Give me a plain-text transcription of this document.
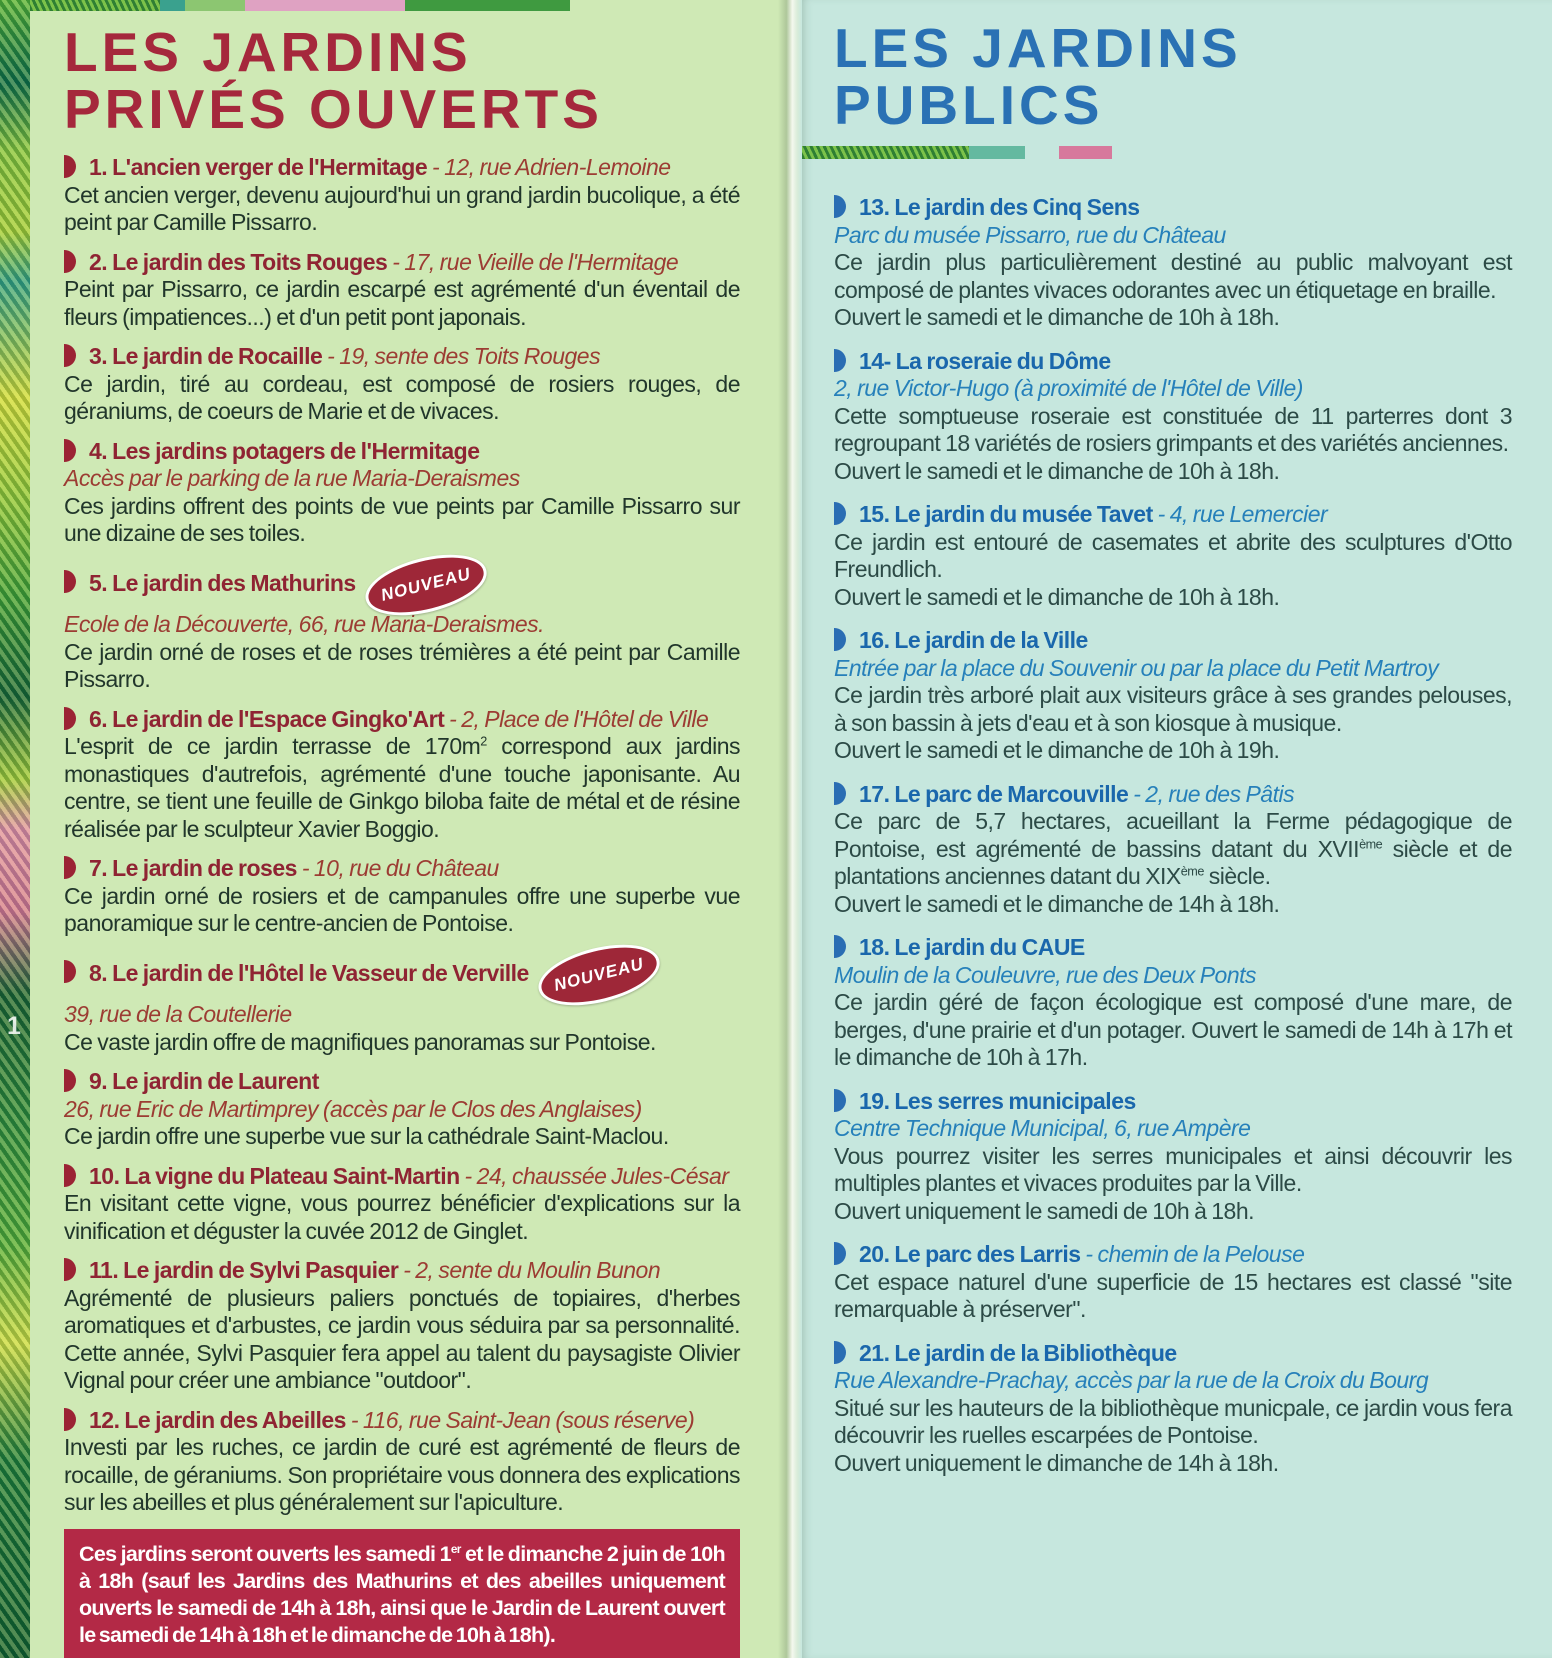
1
LES JARDINS
PRIVÉS OUVERTS
1. L'ancien verger de l'Hermitage - 12, rue Adrien-Lemoine
Cet ancien verger, devenu aujourd'hui un grand jardin bucolique, a été peint par Camille Pissarro.
2. Le jardin des Toits Rouges - 17, rue Vieille de l'Hermitage
Peint par Pissarro, ce jardin escarpé est agrémenté d'un éventail de fleurs (impatiences...) et d'un petit pont japonais.
3. Le jardin de Rocaille - 19, sente des Toits Rouges
Ce jardin, tiré au cordeau, est composé de rosiers rouges, de géraniums, de coeurs de Marie et de vivaces.
4. Les jardins potagers de l'Hermitage
Accès par le parking de la rue Maria-Deraismes
Ces jardins offrent des points de vue peints par Camille Pissarro sur une dizaine de ses toiles.
5. Le jardin des Mathurins NOUVEAU
Ecole de la Découverte, 66, rue Maria-Deraismes.
Ce jardin orné de roses et de roses trémières a été peint par Camille Pissarro.
6. Le jardin de l'Espace Gingko'Art - 2, Place de l'Hôtel de Ville
L'esprit de ce jardin terrasse de $170m^2$ correspond aux jardins monastiques d'autrefois, agrémenté d'une touche japonisante. Au centre, se tient une feuille de Ginkgo biloba faite de métal et de résine réalisée par le sculpteur Xavier Boggio.
7. Le jardin de roses - 10, rue du Château
Ce jardin orné de rosiers et de campanules offre une superbe vue panoramique sur le centre-ancien de Pontoise.
8. Le jardin de l'Hôtel le Vasseur de Verville NOUVEAU
39, rue de la Coutellerie
Ce vaste jardin offre de magnifiques panoramas sur Pontoise.
9. Le jardin de Laurent
26, rue Eric de Martimprey (accès par le Clos des Anglaises)
Ce jardin offre une superbe vue sur la cathédrale Saint-Maclou.
10. La vigne du Plateau Saint-Martin - 24, chaussée Jules-César
En visitant cette vigne, vous pourrez bénéficier d'explications sur la vinification et déguster la cuvée 2012 de Ginglet.
11. Le jardin de Sylvi Pasquier - 2, sente du Moulin Bunon
Agrémenté de plusieurs paliers ponctués de topiaires, d'herbes aromatiques et d'arbustes, ce jardin vous séduira par sa personnalité. Cette année, Sylvi Pasquier fera appel au talent du paysagiste Olivier Vignal pour créer une ambiance "outdoor".
12. Le jardin des Abeilles - 116, rue Saint-Jean (sous réserve)
Investi par les ruches, ce jardin de curé est agrémenté de fleurs de rocaille, de géraniums. Son propriétaire vous donnera des explications sur les abeilles et plus généralement sur l'apiculture.
Ces jardins seront ouverts les samedi 1er et le dimanche 2 juin de 10h à 18h (sauf les Jardins des Mathurins et des abeilles uniquement ouverts le samedi de 14h à 18h, ainsi que le Jardin de Laurent ouvert le samedi de 14h à 18h et le dimanche de 10h à 18h).
LES JARDINS
PUBLICS
13. Le jardin des Cinq Sens
Parc du musée Pissarro, rue du Château
Ce jardin plus particulièrement destiné au public malvoyant est composé de plantes vivaces odorantes avec un étiquetage en braille.
Ouvert le samedi et le dimanche de 10h à 18h.
14- La roseraie du Dôme
2, rue Victor-Hugo (à proximité de l'Hôtel de Ville)
Cette somptueuse roseraie est constituée de 11 parterres dont 3 regroupant 18 variétés de rosiers grimpants et des variétés anciennes.
Ouvert le samedi et le dimanche de 10h à 18h.
15. Le jardin du musée Tavet - 4, rue Lemercier
Ce jardin est entouré de casemates et abrite des sculptures d'Otto Freundlich.
Ouvert le samedi et le dimanche de 10h à 18h.
16. Le jardin de la Ville
Entrée par la place du Souvenir ou par la place du Petit Martroy
Ce jardin très arboré plait aux visiteurs grâce à ses grandes pelouses, à son bassin à jets d'eau et à son kiosque à musique.
Ouvert le samedi et le dimanche de 10h à 19h.
17. Le parc de Marcouville - 2, rue des Pâtis
Ce parc de 5,7 hectares, acueillant la Ferme pédagogique de Pontoise, est agrémenté de bassins datant du XVIIème siècle et de plantations anciennes datant du XIXème siècle.
Ouvert le samedi et le dimanche de 14h à 18h.
18. Le jardin du CAUE
Moulin de la Couleuvre, rue des Deux Ponts
Ce jardin géré de façon écologique est composé d'une mare, de berges, d'une prairie et d'un potager. Ouvert le samedi de 14h à 17h et le dimanche de 10h à 17h.
19. Les serres municipales
Centre Technique Municipal, 6, rue Ampère
Vous pourrez visiter les serres municipales et ainsi découvrir les multiples plantes et vivaces produites par la Ville.
Ouvert uniquement le samedi de 10h à 18h.
20. Le parc des Larris - chemin de la Pelouse
Cet espace naturel d'une superficie de 15 hectares est classé "site remarquable à préserver".
21. Le jardin de la Bibliothèque
Rue Alexandre-Prachay, accès par la rue de la Croix du Bourg
Situé sur les hauteurs de la bibliothèque municpale, ce jardin vous fera découvrir les ruelles escarpées de Pontoise.
Ouvert uniquement le dimanche de 14h à 18h.
